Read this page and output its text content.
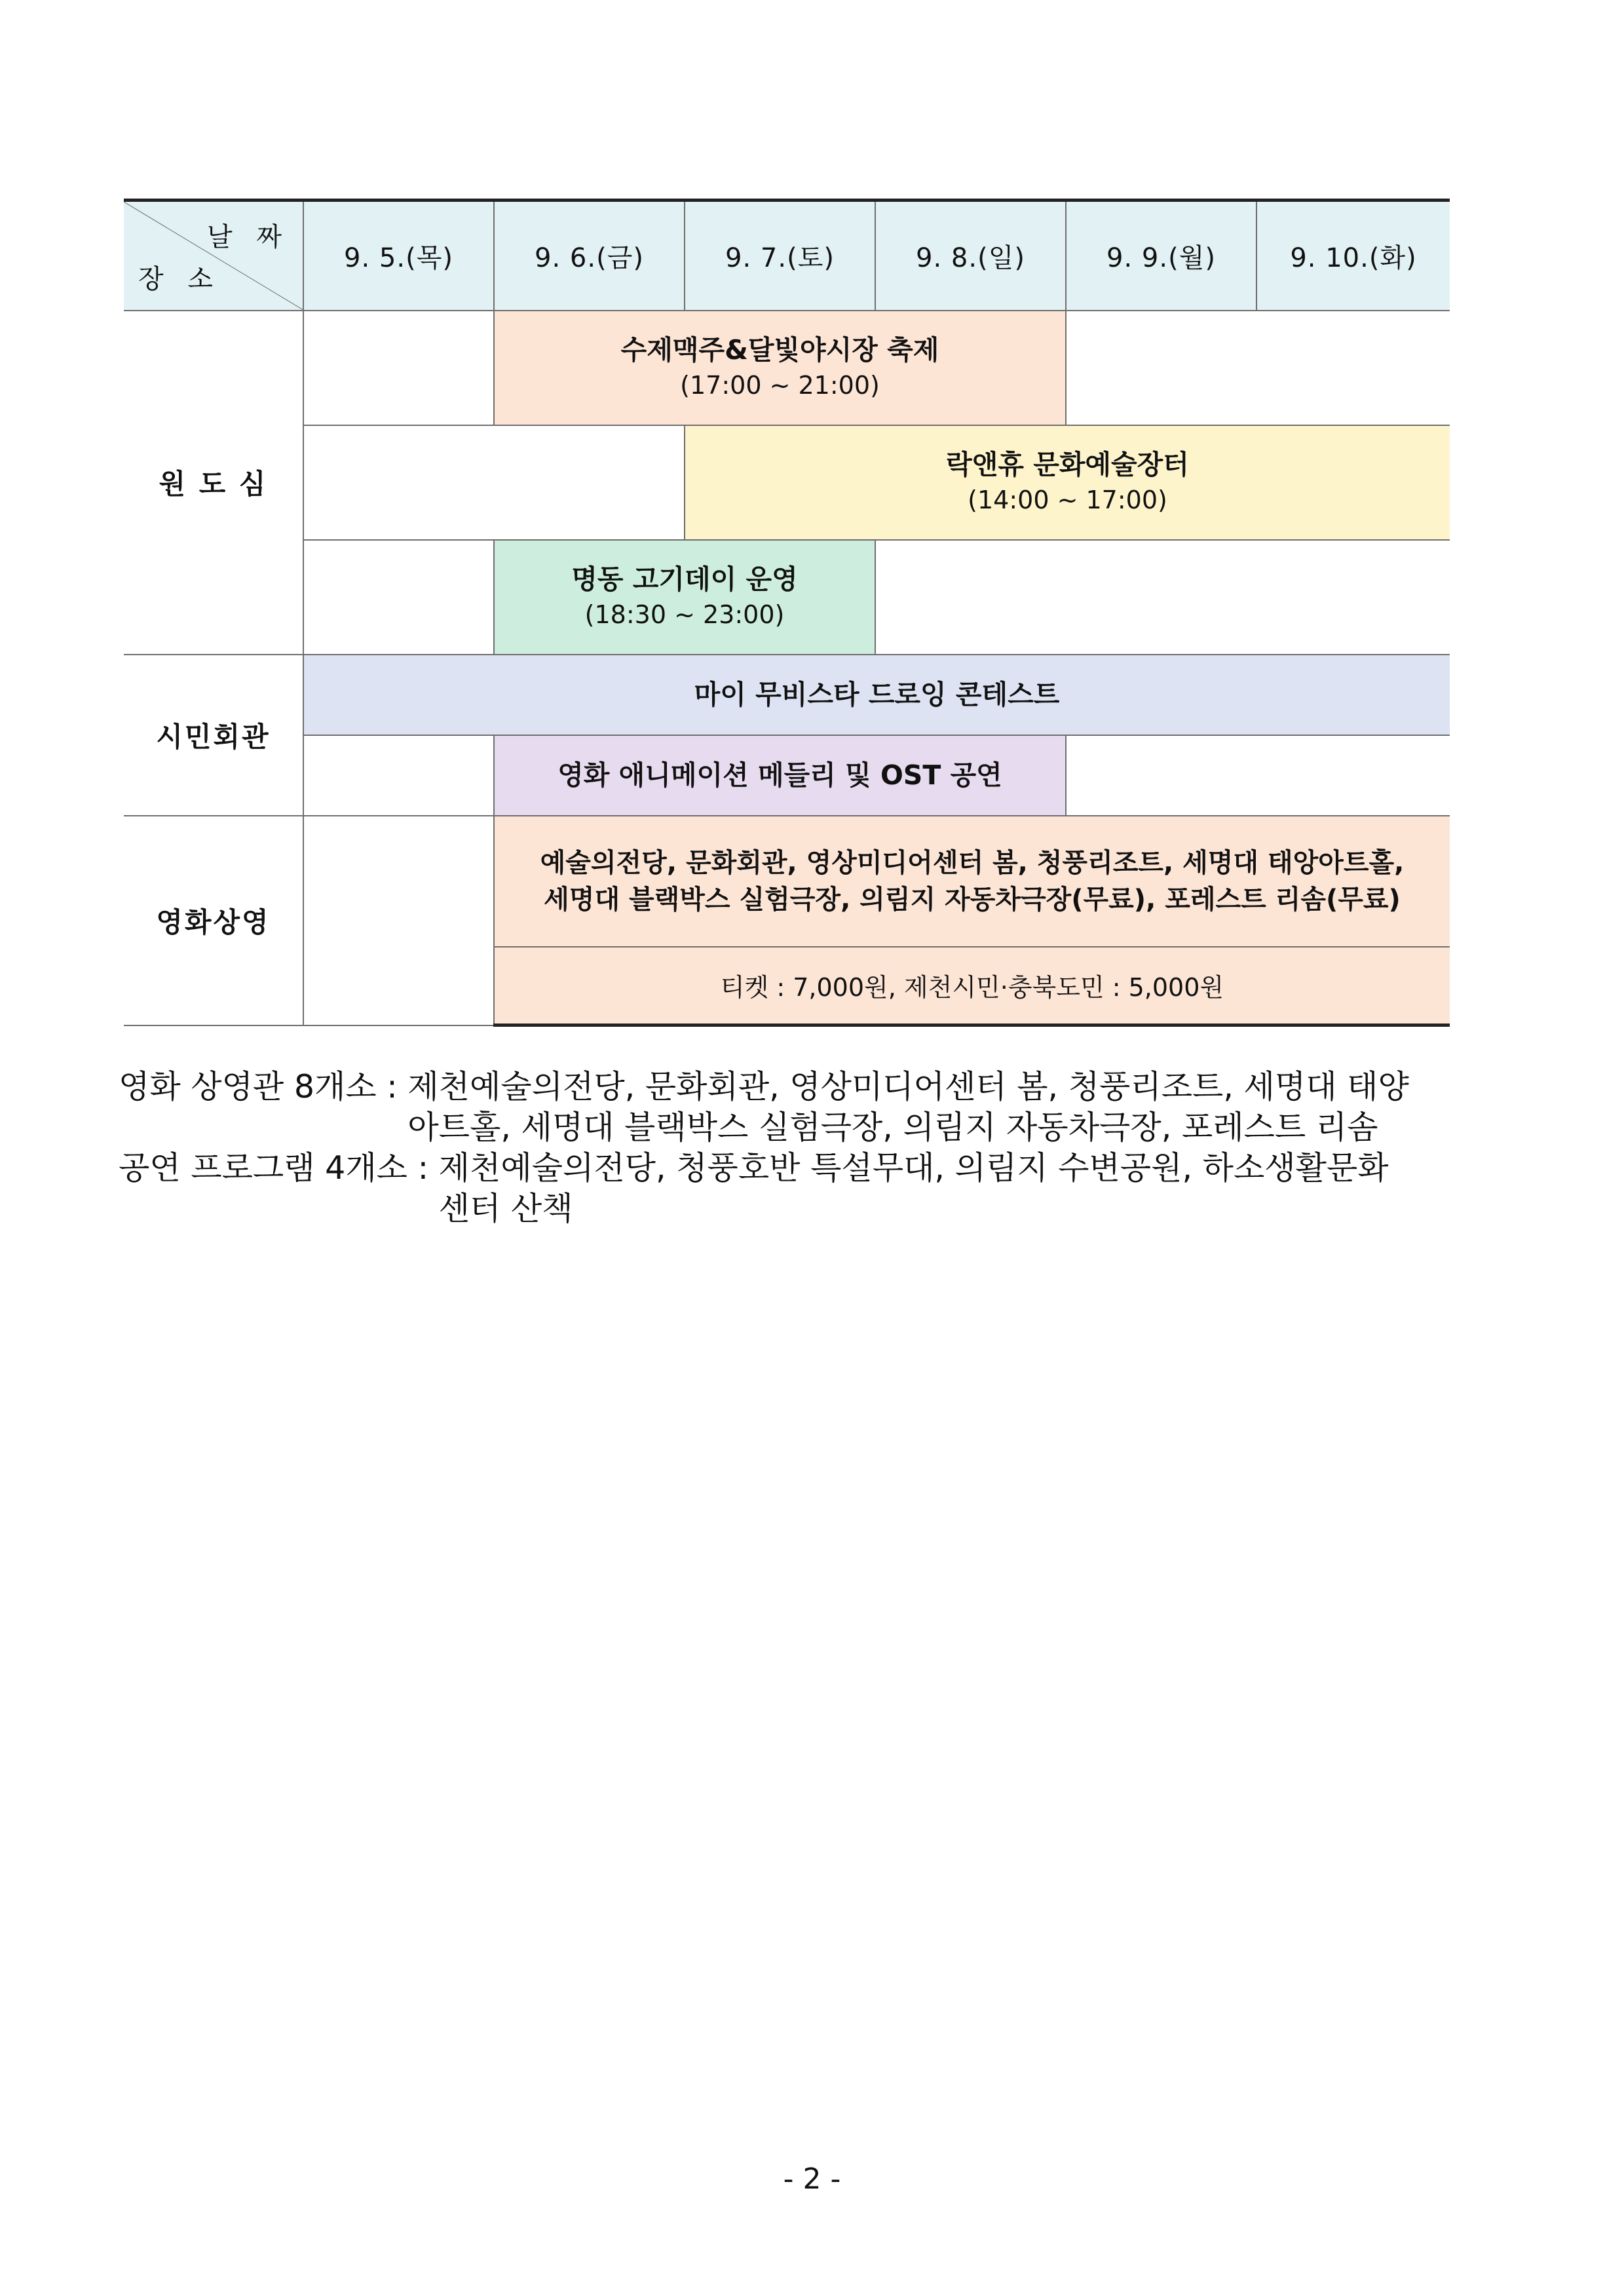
날 짜
장 소	9. 5.(목)	9. 6.(금)	9. 7.(토)	9. 8.(일)	9. 9.(월)	9. 10.(화)
원 도 심		수제맥주&달빛야시장 축제
(17:00 ~ 21:00)				

			락앤휴 문화예술장터
(14:00 ~ 17:00)			

		명동 고기데이 운영
(18:30 ~ 23:00)				

시민회관	마이 무비스타 드로잉 콘테스트					
		영화 애니메이션 메들리 및 OST 공연				
영화상영		예술의전당, 문화회관, 영상미디어센터 봄, 청풍리조트, 세명대 태앙아트홀,
세명대 블랙박스 실험극장, 의림지 자동차극장(무료), 포레스트 리솜(무료)				

		티켓 : 7,000원, 제천시민·충북도민 : 5,000원				
영화 상영관 8개소 : 제천예술의전당, 문화회관, 영상미디어센터 봄, 청풍리조트, 세명대 태양
아트홀, 세명대 블랙박스 실험극장, 의림지 자동차극장, 포레스트 리솜
공연 프로그램 4개소 : 제천예술의전당, 청풍호반 특설무대, 의림지 수변공원, 하소생활문화
센터 산책
- 2 -
